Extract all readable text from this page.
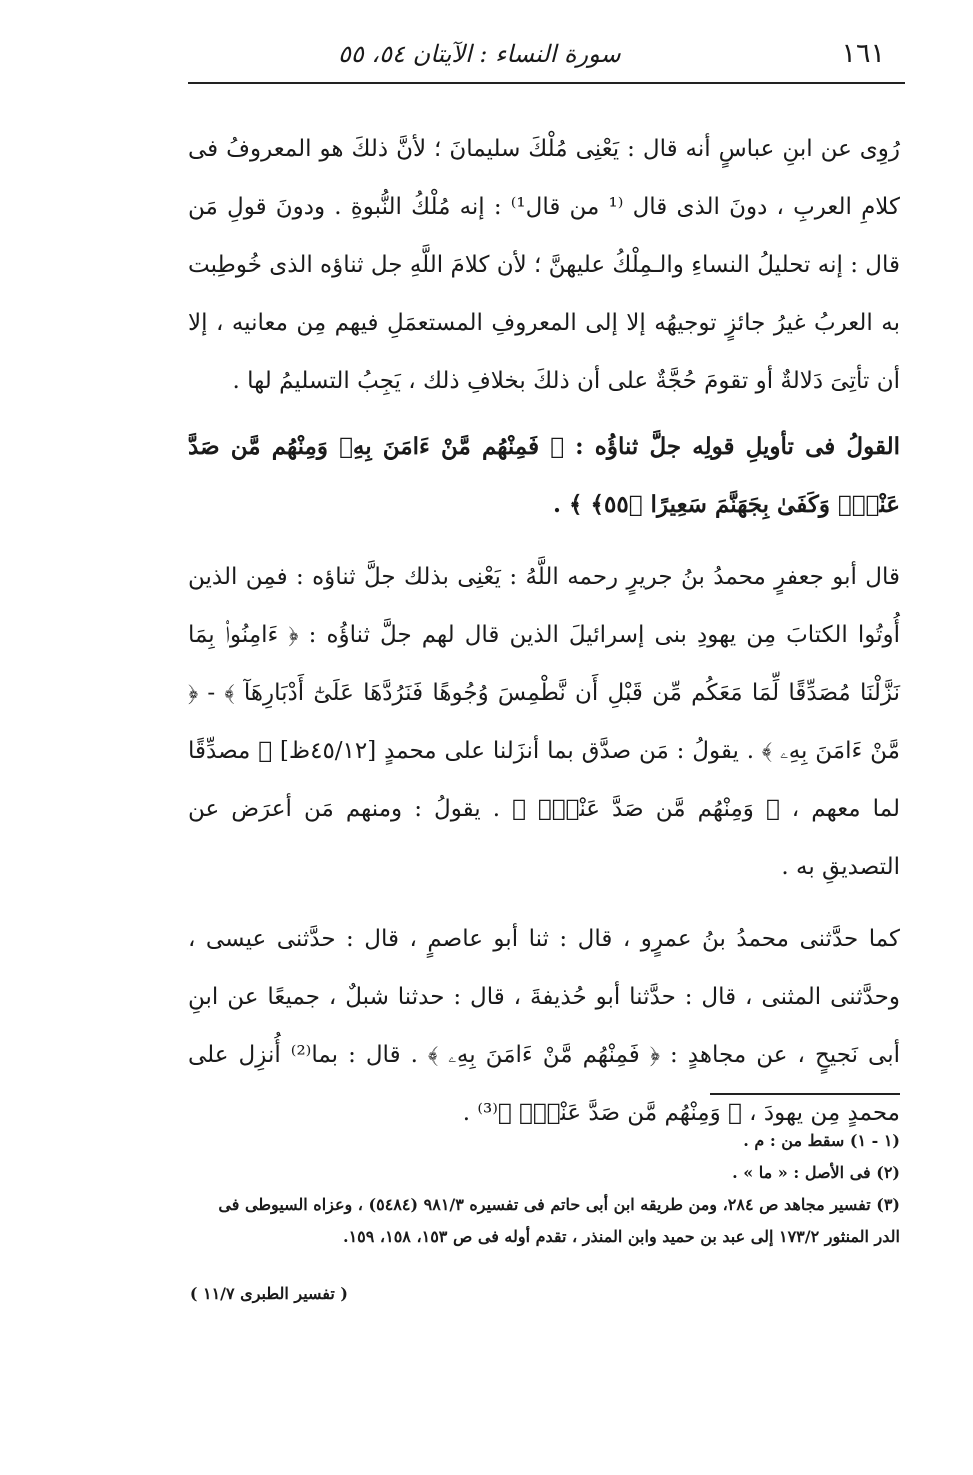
١٦١
سورة النساء : الآيتان ٥٤، ٥٥

رُوِى عن ابنِ عباسٍ أنه قال : يَعْنِى مُلْكَ سليمانَ ؛ لأنَّ ذلكَ هو المعروفُ فى كلامِ العربِ ، دونَ الذى قال ⁽¹ من قال¹⁾ : إنه مُلْكُ النُّبوةِ . ودونَ قولِ مَن قال : إنه تحليلُ النساءِ والـمِلْكُ عليهنَّ ؛ لأن كلامَ اللَّهِ جل ثناؤه الذى خُوطِبت به العربُ غيرُ جائزٍ توجيهُه إلا إلى المعروفِ المستعمَلِ فيهم مِن معانيه ، إلا أن تأتِىَ دَلالةٌ أو تقومَ حُجَّةٌ على أن ذلكَ بخلافِ ذلك ، يَجِبُ التسليمُ لها .

القولُ فى تأويلِ قولِه جلَّ ثناؤُه : ﴿ فَمِنْهُم مَّنْ ءَامَنَ بِهِۦ وَمِنْهُم مَّن صَدَّ عَنْهُۚ وَكَفَىٰ بِجَهَنَّمَ سَعِيرًا ﴿٥٥﴾ ﴾ .

قال أبو جعفرٍ محمدُ بنُ جريرٍ رحمه اللَّهُ : يَعْنِى بذلك جلَّ ثناؤه : فمِن الذين أُوتُوا الكتابَ مِن يهودِ بنى إسرائيلَ الذين قال لهم جلَّ ثناؤُه : ﴿ ءَامِنُوا۟ بِمَا نَزَّلْنَا مُصَدِّقًا لِّمَا مَعَكُم مِّن قَبْلِ أَن نَّطْمِسَ وُجُوهًا فَنَرُدَّهَا عَلَىٰٓ أَدْبَارِهَآ ﴾ - ﴿ مَّنْ ءَامَنَ بِهِۦ ﴾ . يقولُ : مَن صدَّق بما أنزَلنا على محمدٍ [٤٥/١٢ظ] ﷺ مصدِّقًا لما معهم ، ﴿ وَمِنْهُم مَّن صَدَّ عَنْهُۚ ﴾ . يقولُ : ومنهم مَن أعرَض عن التصديقِ به .

كما حدَّثنى محمدُ بنُ عمرٍو ، قال : ثنا أبو عاصمٍ ، قال : حدَّثنى عيسى ، وحدَّثنى المثنى ، قال : حدَّثنا أبو حُذيفةَ ، قال : حدثنا شبلٌ ، جميعًا عن ابنِ أبى نَجيحٍ ، عن مجاهدٍ : ﴿ فَمِنْهُم مَّنْ ءَامَنَ بِهِۦ ﴾ . قال : بما⁽²⁾ أُنزِل على محمدٍ مِن يهودَ ، ﴿ وَمِنْهُم مَّن صَدَّ عَنْهُۚ ﴾⁽³⁾ .

(١ - ١) سقط من : م .
(٢) فى الأصل : « ما » .
(٣) تفسير مجاهد ص ٢٨٤، ومن طريقه ابن أبى حاتم فى تفسيره ٩٨١/٣ (٥٤٨٤) ، وعزاه السيوطى فى
الدر المنثور ١٧٣/٢ إلى عبد بن حميد وابن المنذر ، تقدم أوله فى ص ١٥٣، ١٥٨، ١٥٩.
( تفسير الطبرى ١١/٧ )
